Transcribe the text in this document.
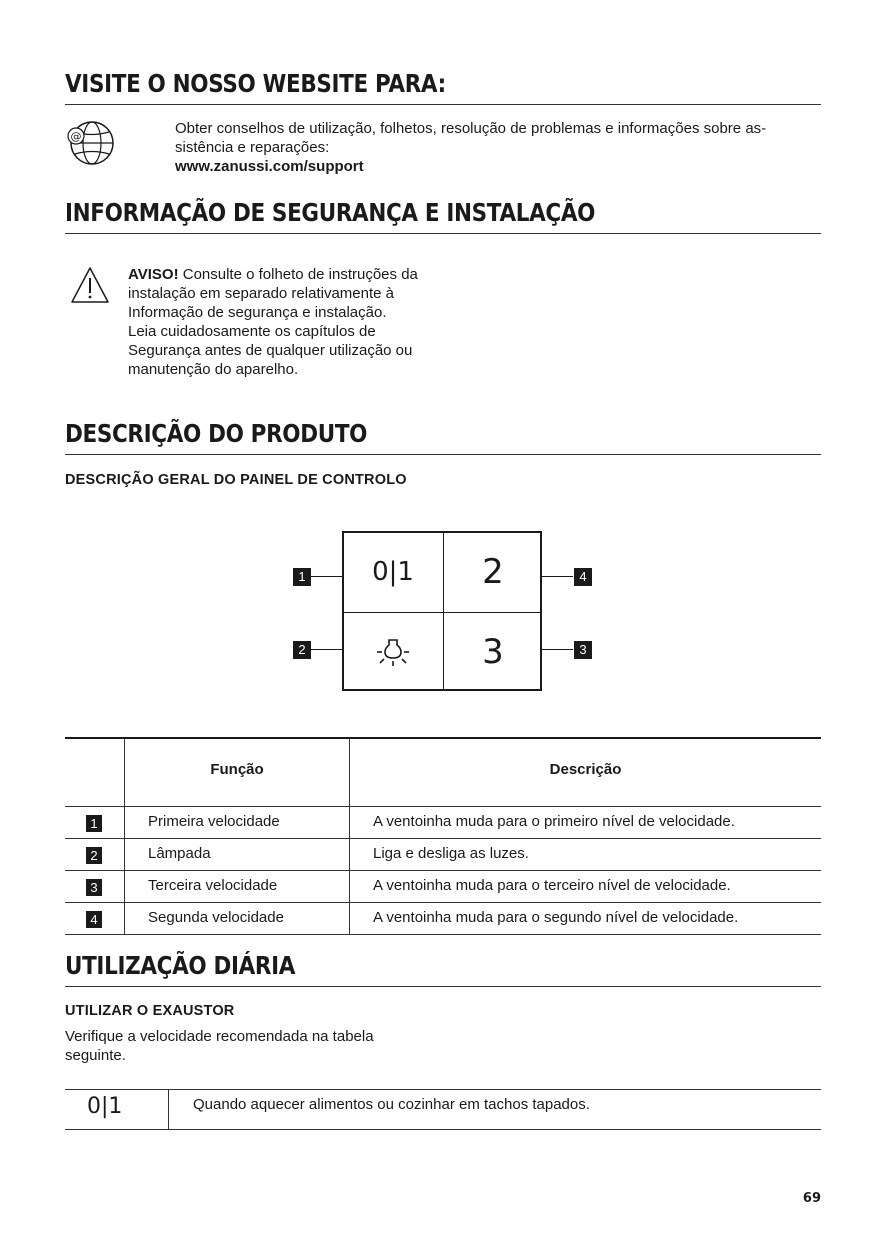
VISITE O NOSSO WEBSITE PARA:
@	Obter conselhos de utilização, folhetos, resolução de problemas e informações sobre as-sistência e reparações:
www.zanussi.com/support
INFORMAÇÃO DE SEGURANÇA E INSTALAÇÃO
AVISO! Consulte o folheto de instruções da instalação em separado relativamente à Informação de segurança e instalação. Leia cuidadosamente os capítulos de Segurança antes de qualquer utilização ou manutenção do aparelho.
DESCRIÇÃO DO PRODUTO
DESCRIÇÃO GERAL DO PAINEL DE CONTROLO
1
2
4
3
0|1	2
3
Função	Descrição
1	Primeira velocidade	A ventoinha muda para o primeiro nível de velocidade.
2	Lâmpada	Liga e desliga as luzes.
3	Terceira velocidade	A ventoinha muda para o terceiro nível de velocidade.
4	Segunda velocidade	A ventoinha muda para o segundo nível de velocidade.
UTILIZAÇÃO DIÁRIA
UTILIZAR O EXAUSTOR
Verifique a velocidade recomendada na tabela seguinte.
0|1	Quando aquecer alimentos ou cozinhar em tachos tapados.
69
